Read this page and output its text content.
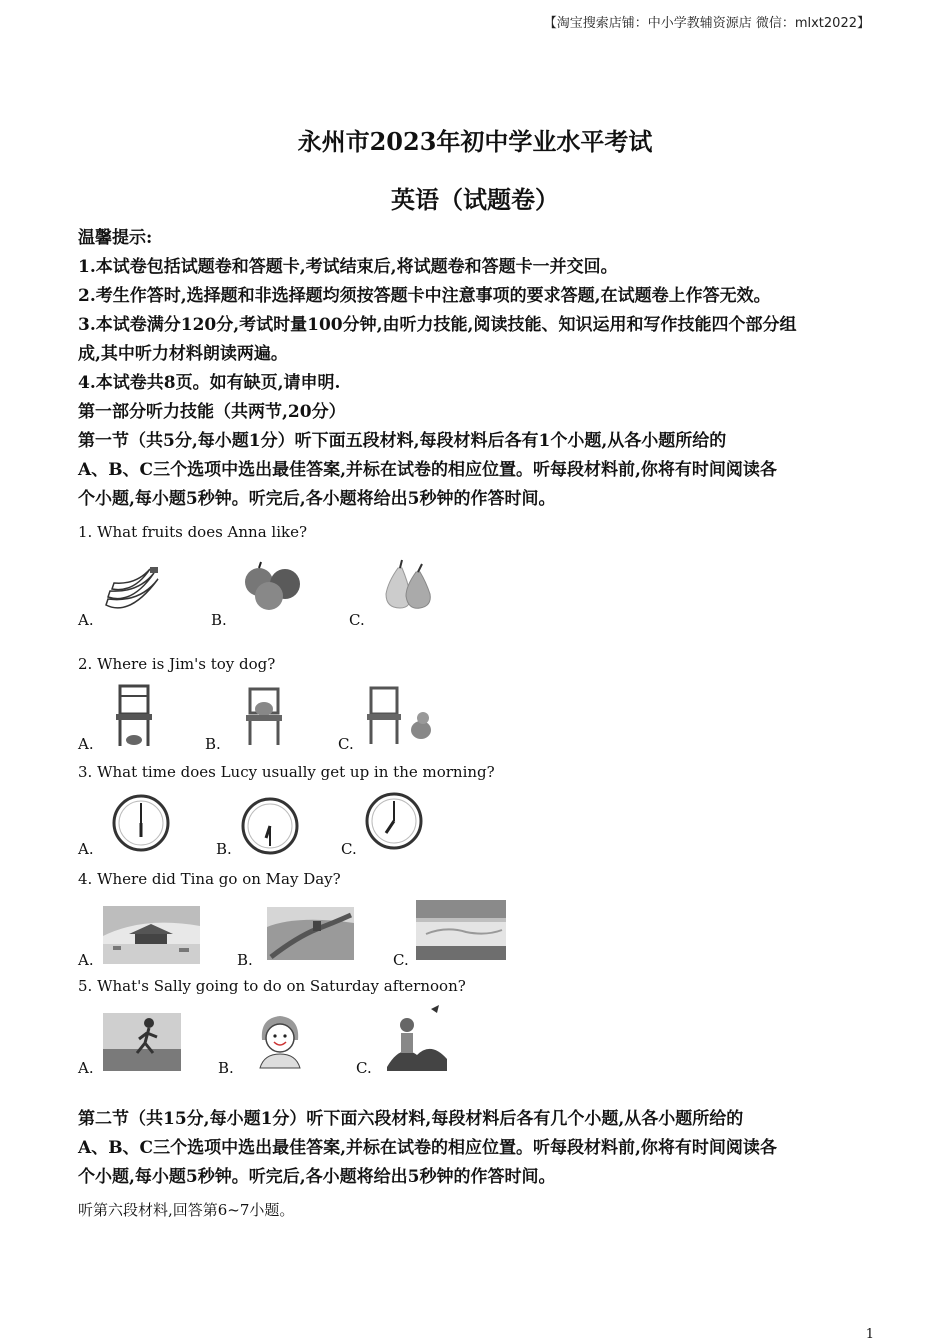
【淘宝搜索店铺：中小学教辅资源店 微信：mlxt2022】
永州市2023年初中学业水平考试
英语（试题卷）
温馨提示:
1.本试卷包括试题卷和答题卡,考试结束后,将试题卷和答题卡一并交回。
2.考生作答时,选择题和非选择题均须按答题卡中注意事项的要求答题,在试题卷上作答无效。
3.本试卷满分120分,考试时量100分钟,由听力技能,阅读技能、知识运用和写作技能四个部分组
成,其中听力材料朗读两遍。
4.本试卷共8页。如有缺页,请申明.
第一部分听力技能（共两节,20分）
第一节（共5分,每小题1分）听下面五段材料,每段材料后各有1个小题,从各小题所给的
A、B、C三个选项中选出最佳答案,并标在试卷的相应位置。听每段材料前,你将有时间阅读各
个小题,每小题5秒钟。听完后,各小题将给出5秒钟的作答时间。
1. What fruits does Anna like?
A.	B.	C.
2. Where is Jim's toy dog?
A.	B.	C.
3. What time does Lucy usually get up in the morning?
A.	B.	C.
4. Where did Tina go on May Day?
A.	B.	C.
5. What's Sally going to do on Saturday afternoon?
A.	B.	C.
第二节（共15分,每小题1分）听下面六段材料,每段材料后各有几个小题,从各小题所给的
A、B、C三个选项中选出最佳答案,并标在试卷的相应位置。听每段材料前,你将有时间阅读各
个小题,每小题5秒钟。听完后,各小题将给出5秒钟的作答时间。
听第六段材料,回答第6~7小题。
1
